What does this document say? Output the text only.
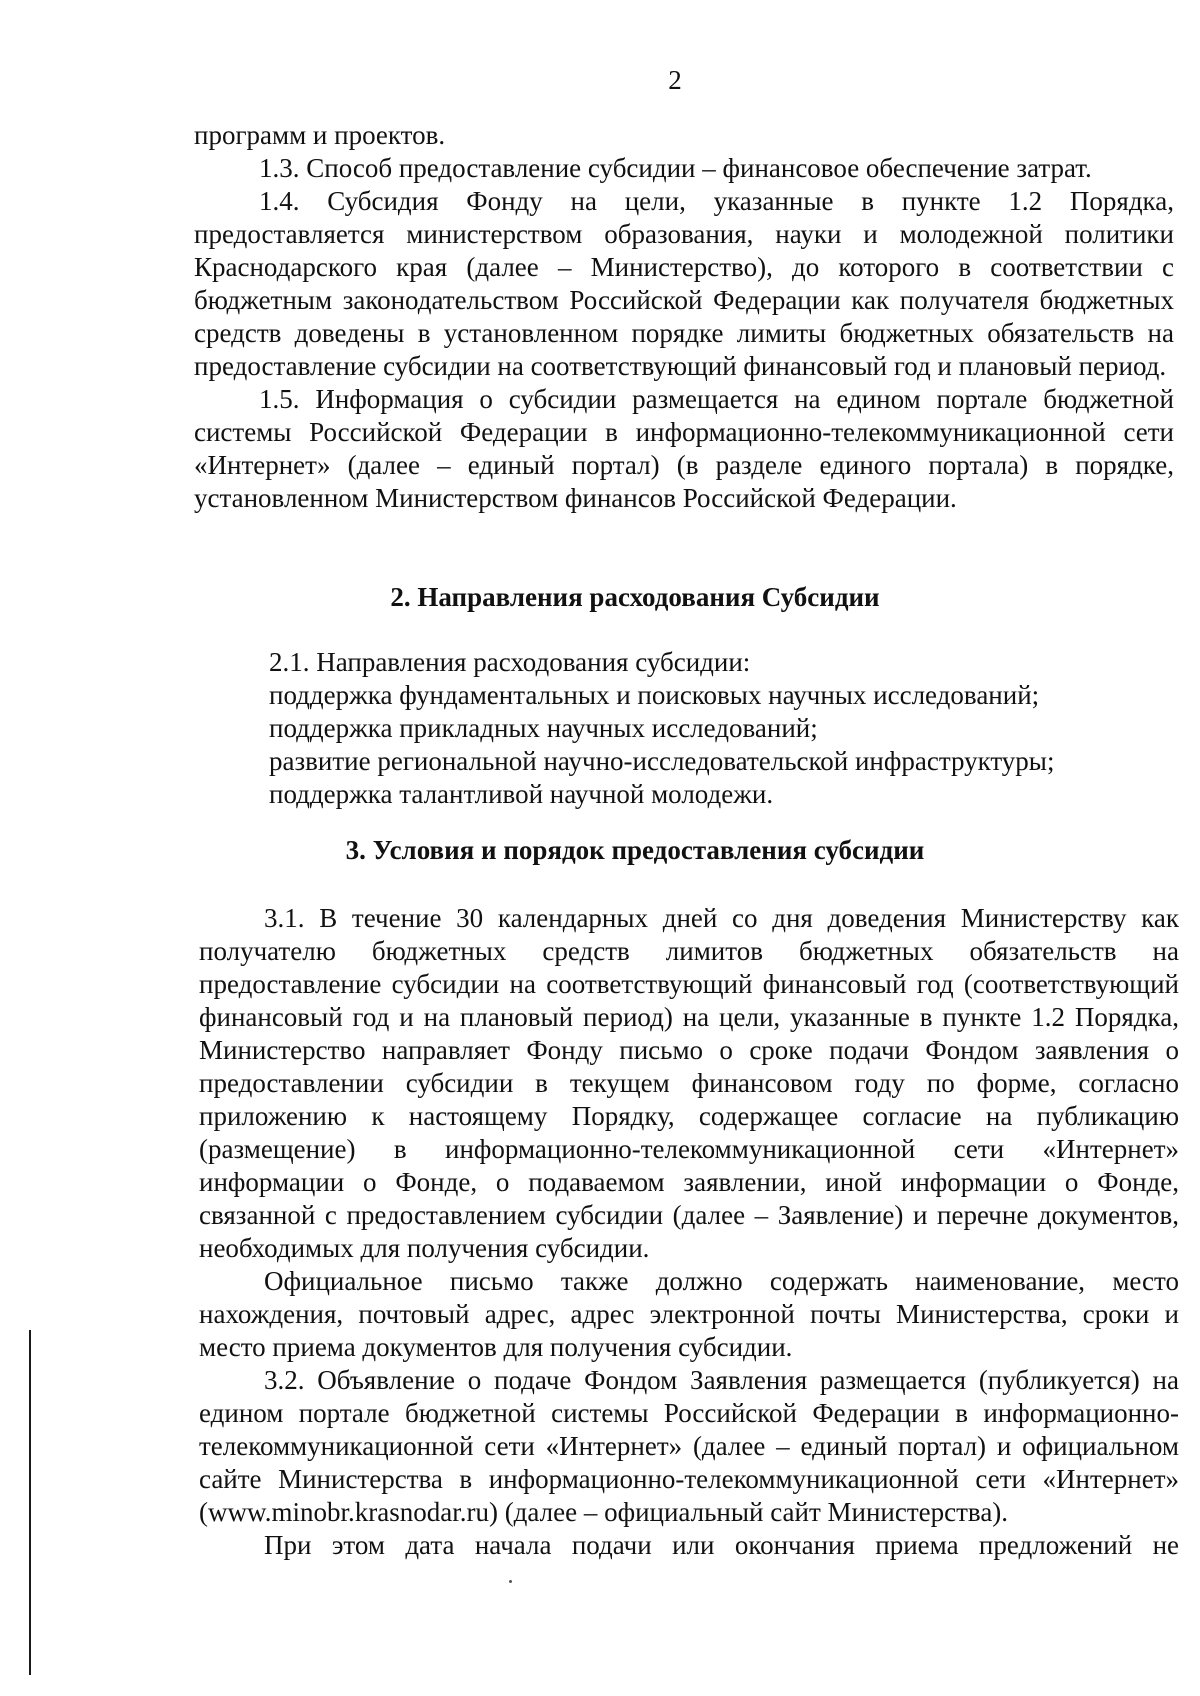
2

программ и проектов.

1.3. Способ предоставление субсидии – финансовое обеспечение затрат.

1.4. Субсидия Фонду на цели, указанные в пункте 1.2 Порядка, предоставляется министерством образования, науки и молодежной политики Краснодарского края (далее – Министерство), до которого в соответствии с бюджетным законодательством Российской Федерации как получателя бюджетных средств доведены в установленном порядке лимиты бюджетных обязательств на предоставление субсидии на соответствующий финансовый год и плановый период.

1.5. Информация о субсидии размещается на едином портале бюджетной системы Российской Федерации в информационно-телекоммуникационной сети «Интернет» (далее – единый портал) (в разделе единого портала) в порядке, установленном Министерством финансов Российской Федерации.

2. Направления расходования Субсидии

2.1. Направления расходования субсидии:

поддержка фундаментальных и поисковых научных исследований;

поддержка прикладных научных исследований;

развитие региональной научно-исследовательской инфраструктуры;

поддержка талантливой научной молодежи.

3. Условия и порядок предоставления субсидии

3.1. В течение 30 календарных дней со дня доведения Министерству как получателю бюджетных средств лимитов бюджетных обязательств на предоставление субсидии на соответствующий финансовый год (соответствующий финансовый год и на плановый период) на цели, указанные в пункте 1.2 Порядка, Министерство направляет Фонду письмо о сроке подачи Фондом заявления о предоставлении субсидии в текущем финансовом году по форме, согласно приложению к настоящему Порядку, содержащее согласие на публикацию (размещение) в информационно-телекоммуникационной сети «Интернет» информации о Фонде, о подаваемом заявлении, иной информации о Фонде, связанной с предоставлением субсидии (далее – Заявление) и перечне документов, необходимых для получения субсидии.

Официальное письмо также должно содержать наименование, место нахождения, почтовый адрес, адрес электронной почты Министерства, сроки и место приема документов для получения субсидии.

3.2. Объявление о подаче Фондом Заявления размещается (публикуется) на едином портале бюджетной системы Российской Федерации в информационно-телекоммуникационной сети «Интернет» (далее – единый портал) и официальном сайте Министерства в информационно-телекоммуникационной сети «Интернет» (www.minobr.krasnodar.ru) (далее – официальный сайт Министерства).

При этом дата начала подачи или окончания приема предложений не
